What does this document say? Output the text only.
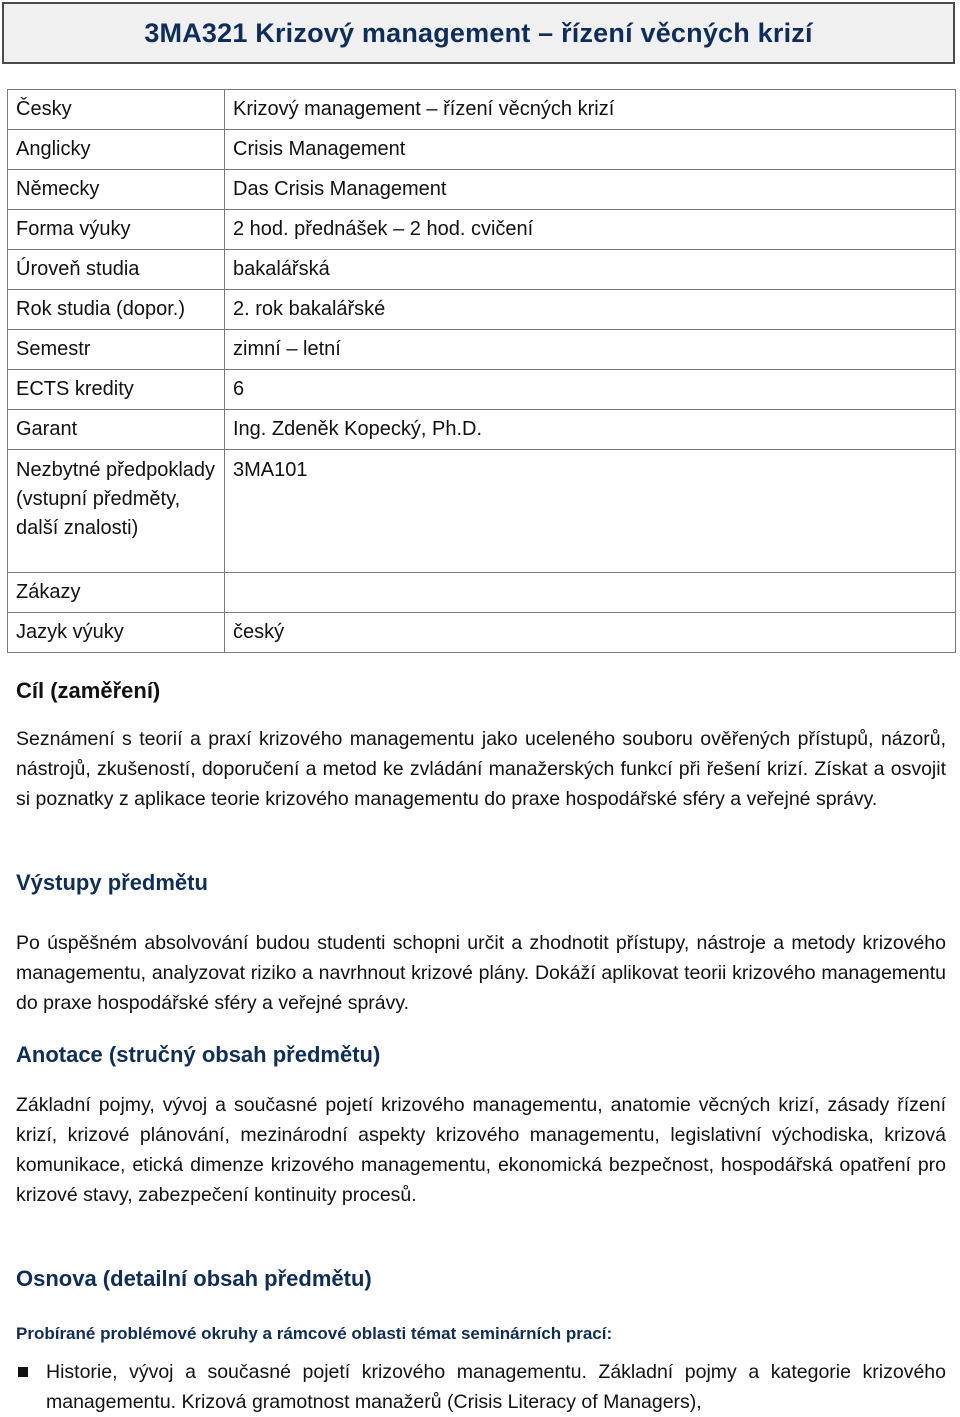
3MA321 Krizový management – řízení věcných krizí
Česky	Krizový management – řízení věcných krizí
Anglicky	Crisis Management
Německy	Das Crisis Management
Forma výuky	2 hod. přednášek – 2 hod. cvičení
Úroveň studia	bakalářská
Rok studia (dopor.)	2. rok bakalářské
Semestr	zimní – letní
ECTS kredity	6
Garant	Ing. Zdeněk Kopecký, Ph.D.
Nezbytné předpoklady (vstupní předměty, další znalosti)	3MA101
Zákazy	
Jazyk výuky	český
Cíl (zaměření)

Seznámení s teorií a praxí krizového managementu jako uceleného souboru ověřených přístupů, názorů, nástrojů, zkušeností, doporučení a metod ke zvládání manažerských funkcí při řešení krizí. Získat a osvojit si poznatky z aplikace teorie krizového managementu do praxe hospodářské sféry a veřejné správy.

Výstupy předmětu

Po úspěšném absolvování budou studenti schopni určit a zhodnotit přístupy, nástroje a metody krizového managementu, analyzovat riziko a navrhnout krizové plány. Dokáží aplikovat teorii krizového managementu do praxe hospodářské sféry a veřejné správy.

Anotace (stručný obsah předmětu)

Základní pojmy, vývoj a současné pojetí krizového managementu, anatomie věcných krizí, zásady řízení krizí, krizové plánování, mezinárodní aspekty krizového managementu, legislativní východiska, krizová komunikace, etická dimenze krizového managementu, ekonomická bezpečnost, hospodářská opatření pro krizové stavy, zabezpečení kontinuity procesů.

Osnova (detailní obsah předmětu)

Probírané problémové okruhy a rámcové oblasti témat seminárních prací:

Historie, vývoj a současné pojetí krizového managementu. Základní pojmy a kategorie krizového managementu. Krizová gramotnost manažerů (Crisis Literacy of Managers),
